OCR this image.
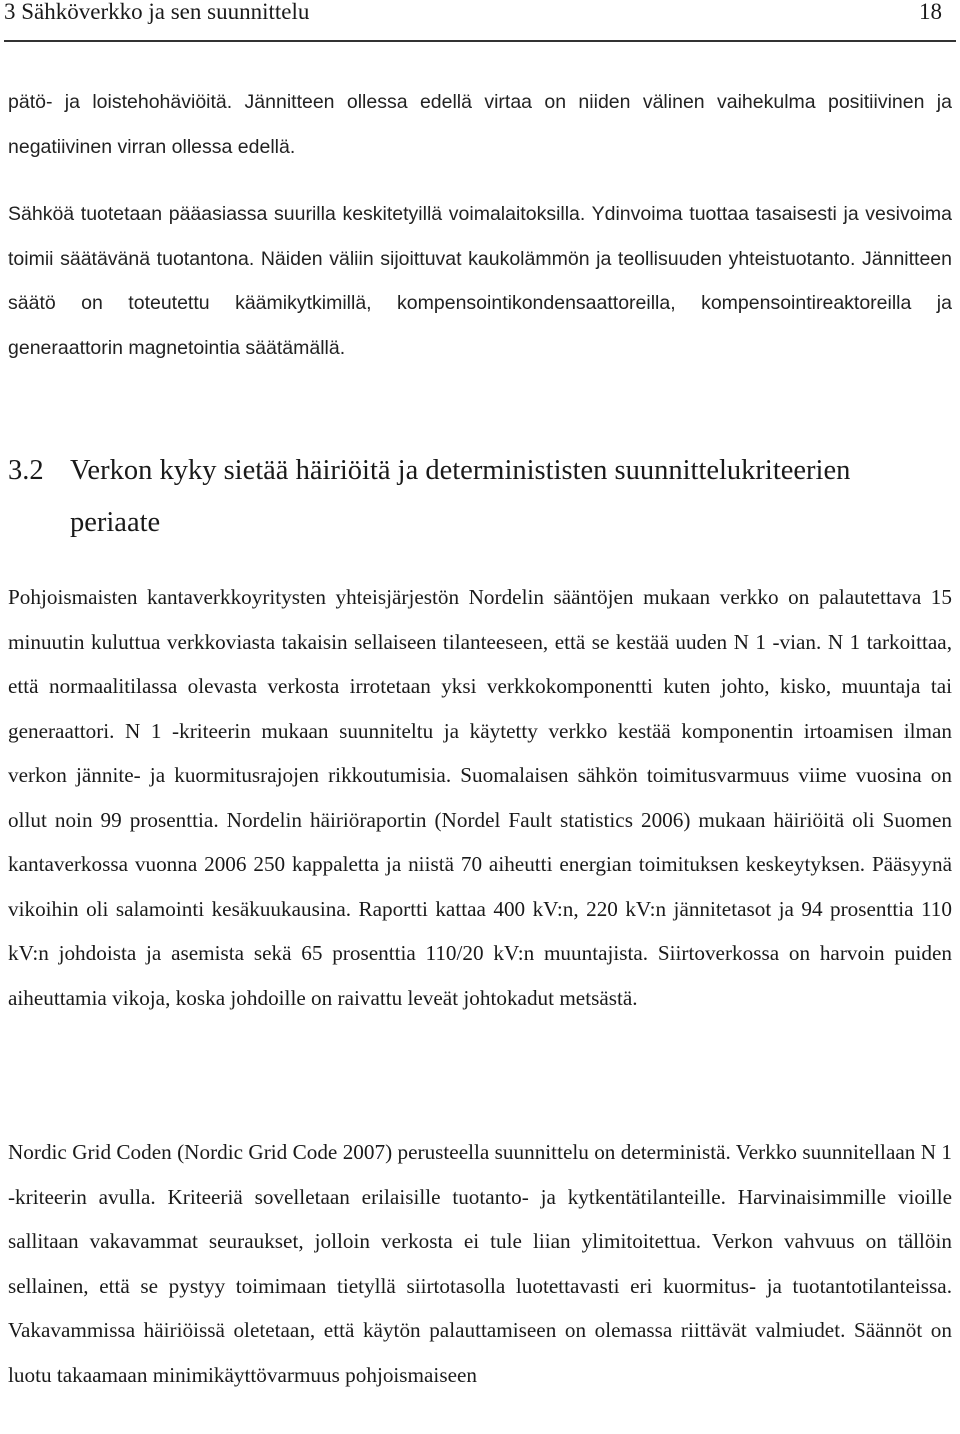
3 Sähköverkko ja sen suunnittelu	18

pätö- ja loistehohäviöitä. Jännitteen ollessa edellä virtaa on niiden välinen vaihekulma positiivinen ja negatiivinen virran ollessa edellä.

Sähköä tuotetaan pääasiassa suurilla keskitetyillä voimalaitoksilla. Ydinvoima tuottaa tasaisesti ja vesivoima toimii säätävänä tuotantona. Näiden väliin sijoittuvat kaukolämmön ja teollisuuden yhteistuotanto. Jännitteen säätö on toteutettu käämikytkimillä, kompensointikondensaattoreilla, kompensointireaktoreilla ja generaattorin magnetointia säätämällä.

3.2 Verkon kyky sietää häiriöitä ja determinististen suunnittelukriteerien periaate

Pohjoismaisten kantaverkkoyritysten yhteisjärjestön Nordelin sääntöjen mukaan verkko on palautettava 15 minuutin kuluttua verkkoviasta takaisin sellaiseen tilanteeseen, että se kestää uuden N 1 -vian. N 1 tarkoittaa, että normaalitilassa olevasta verkosta irrotetaan yksi verkkokomponentti kuten johto, kisko, muuntaja tai generaattori. N 1 -kriteerin mukaan suunniteltu ja käytetty verkko kestää komponentin irtoamisen ilman verkon jännite- ja kuormitusrajojen rikkoutumisia. Suomalaisen sähkön toimitusvarmuus viime vuosina on ollut noin 99 prosenttia. Nordelin häiriöraportin (Nordel Fault statistics 2006) mukaan häiriöitä oli Suomen kantaverkossa vuonna 2006 250 kappaletta ja niistä 70 aiheutti energian toimituksen keskeytyksen. Pääsyynä vikoihin oli salamointi kesäkuukausina. Raportti kattaa 400 kV:n, 220 kV:n jännitetasot ja 94 prosenttia 110 kV:n johdoista ja asemista sekä 65 prosenttia 110/20 kV:n muuntajista. Siirtoverkossa on harvoin puiden aiheuttamia vikoja, koska johdoille on raivattu leveät johtokadut metsästä.

Nordic Grid Coden (Nordic Grid Code 2007) perusteella suunnittelu on deterministä. Verkko suunnitellaan N 1 -kriteerin avulla. Kriteeriä sovelletaan erilaisille tuotanto- ja kytkentätilanteille. Harvinaisimmille vioille sallitaan vakavammat seuraukset, jolloin verkosta ei tule liian ylimitoitettua. Verkon vahvuus on tällöin sellainen, että se pystyy toimimaan tietyllä siirtotasolla luotettavasti eri kuormitus- ja tuotantotilanteissa. Vakavammissa häiriöissä oletetaan, että käytön palauttamiseen on olemassa riittävät valmiudet. Säännöt on luotu takaamaan minimikäyttövarmuus pohjoismaiseen
